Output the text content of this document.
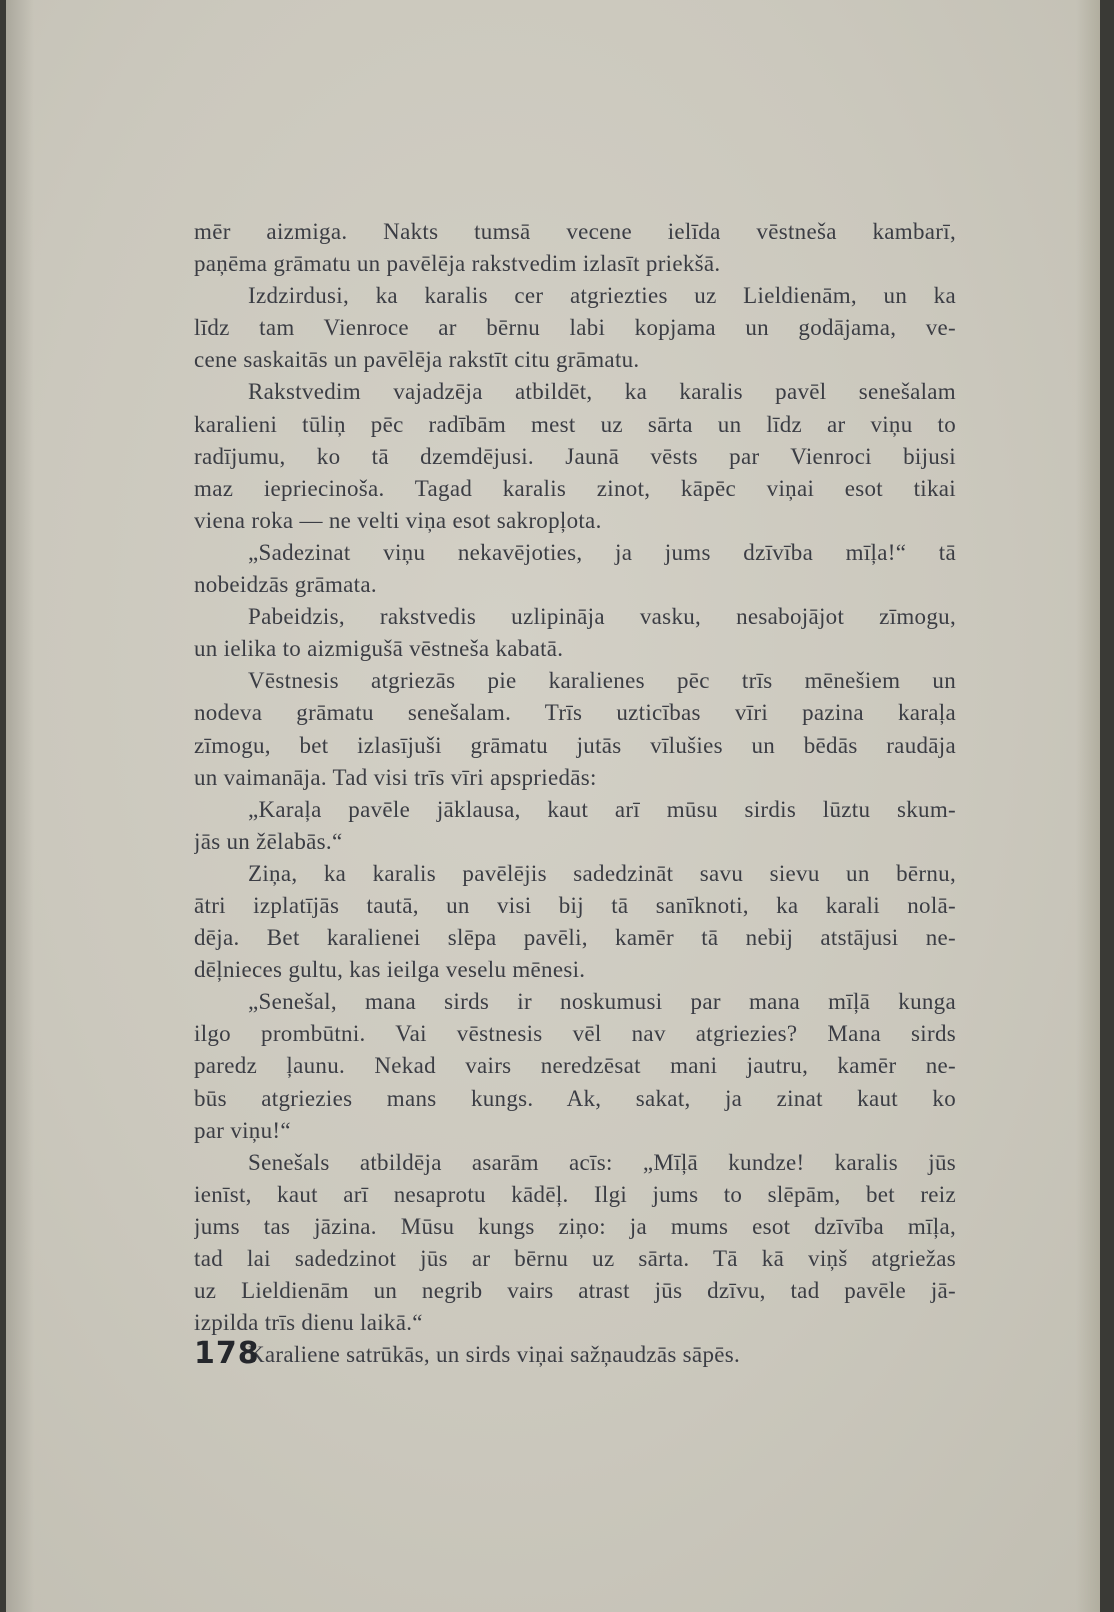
mēr aizmiga. Nakts tumsā vecene ielīda vēstneša kambarī,
paņēma grāmatu un pavēlēja rakstvedim izlasīt priekšā.
Izdzirdusi, ka karalis cer atgriezties uz Lieldienām, un ka
līdz tam Vienroce ar bērnu labi kopjama un godājama, ve-
cene saskaitās un pavēlēja rakstīt citu grāmatu.
Rakstvedim vajadzēja atbildēt, ka karalis pavēl senešalam
karalieni tūliņ pēc radībām mest uz sārta un līdz ar viņu to
radījumu, ko tā dzemdējusi. Jaunā vēsts par Vienroci bijusi
maz iepriecinoša. Tagad karalis zinot, kāpēc viņai esot tikai
viena roka — ne velti viņa esot sakropļota.
„Sadezinat viņu nekavējoties, ja jums dzīvība mīļa!“ tā
nobeidzās grāmata.
Pabeidzis, rakstvedis uzlipināja vasku, nesabojājot zīmogu,
un ielika to aizmigušā vēstneša kabatā.
Vēstnesis atgriezās pie karalienes pēc trīs mēnešiem un
nodeva grāmatu senešalam. Trīs uzticības vīri pazina karaļa
zīmogu, bet izlasījuši grāmatu jutās vīlušies un bēdās raudāja
un vaimanāja. Tad visi trīs vīri apspriedās:
„Karaļa pavēle jāklausa, kaut arī mūsu sirdis lūztu skum-
jās un žēlabās.“
Ziņa, ka karalis pavēlējis sadedzināt savu sievu un bērnu,
ātri izplatījās tautā, un visi bij tā sanīknoti, ka karali nolā-
dēja. Bet karalienei slēpa pavēli, kamēr tā nebij atstājusi ne-
dēļnieces gultu, kas ieilga veselu mēnesi.
„Senešal, mana sirds ir noskumusi par mana mīļā kunga
ilgo prombūtni. Vai vēstnesis vēl nav atgriezies? Mana sirds
paredz ļaunu. Nekad vairs neredzēsat mani jautru, kamēr ne-
būs atgriezies mans kungs. Ak, sakat, ja zinat kaut ko
par viņu!“
Senešals atbildēja asarām acīs: „Mīļā kundze! karalis jūs
ienīst, kaut arī nesaprotu kādēļ. Ilgi jums to slēpām, bet reiz
jums tas jāzina. Mūsu kungs ziņo: ja mums esot dzīvība mīļa,
tad lai sadedzinot jūs ar bērnu uz sārta. Tā kā viņš atgriežas
uz Lieldienām un negrib vairs atrast jūs dzīvu, tad pavēle jā-
izpilda trīs dienu laikā.“
Karaliene satrūkās, un sirds viņai sažņaudzās sāpēs.
178
